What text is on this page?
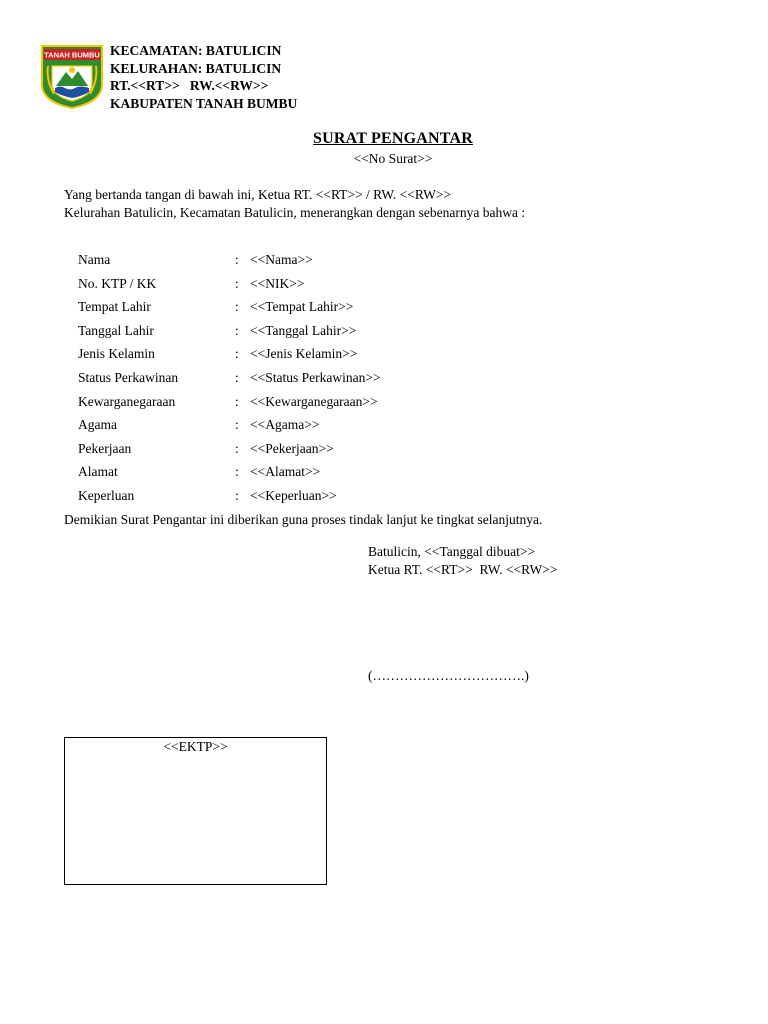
TANAH BUMBU KECAMATAN: BATULICIN
KELURAHAN: BATULICIN
RT.<<RT>>   RW.<<RW>>
KABUPATEN TANAH BUMBU
SURAT PENGANTAR
<<No Surat>>
Yang bertanda tangan di bawah ini, Ketua RT. <<RT>> / RW. <<RW>>
Kelurahan Batulicin, Kecamatan Batulicin, menerangkan dengan sebenarnya bahwa :
Nama	: <<Nama>>
No. KTP / KK	: <<NIK>>
Tempat Lahir	: <<Tempat Lahir>>
Tanggal Lahir	: <<Tanggal Lahir>>
Jenis Kelamin	: <<Jenis Kelamin>>
Status Perkawinan	: <<Status Perkawinan>>
Kewarganegaraan	: <<Kewarganegaraan>>
Agama	: <<Agama>>
Pekerjaan	: <<Pekerjaan>>
Alamat	: <<Alamat>>
Keperluan	: <<Keperluan>>
Demikian Surat Pengantar ini diberikan guna proses tindak lanjut ke tingkat selanjutnya.
Batulicin, <<Tanggal dibuat>>
Ketua RT. <<RT>>  RW. <<RW>>
(…………………………….)
<<EKTP>>
